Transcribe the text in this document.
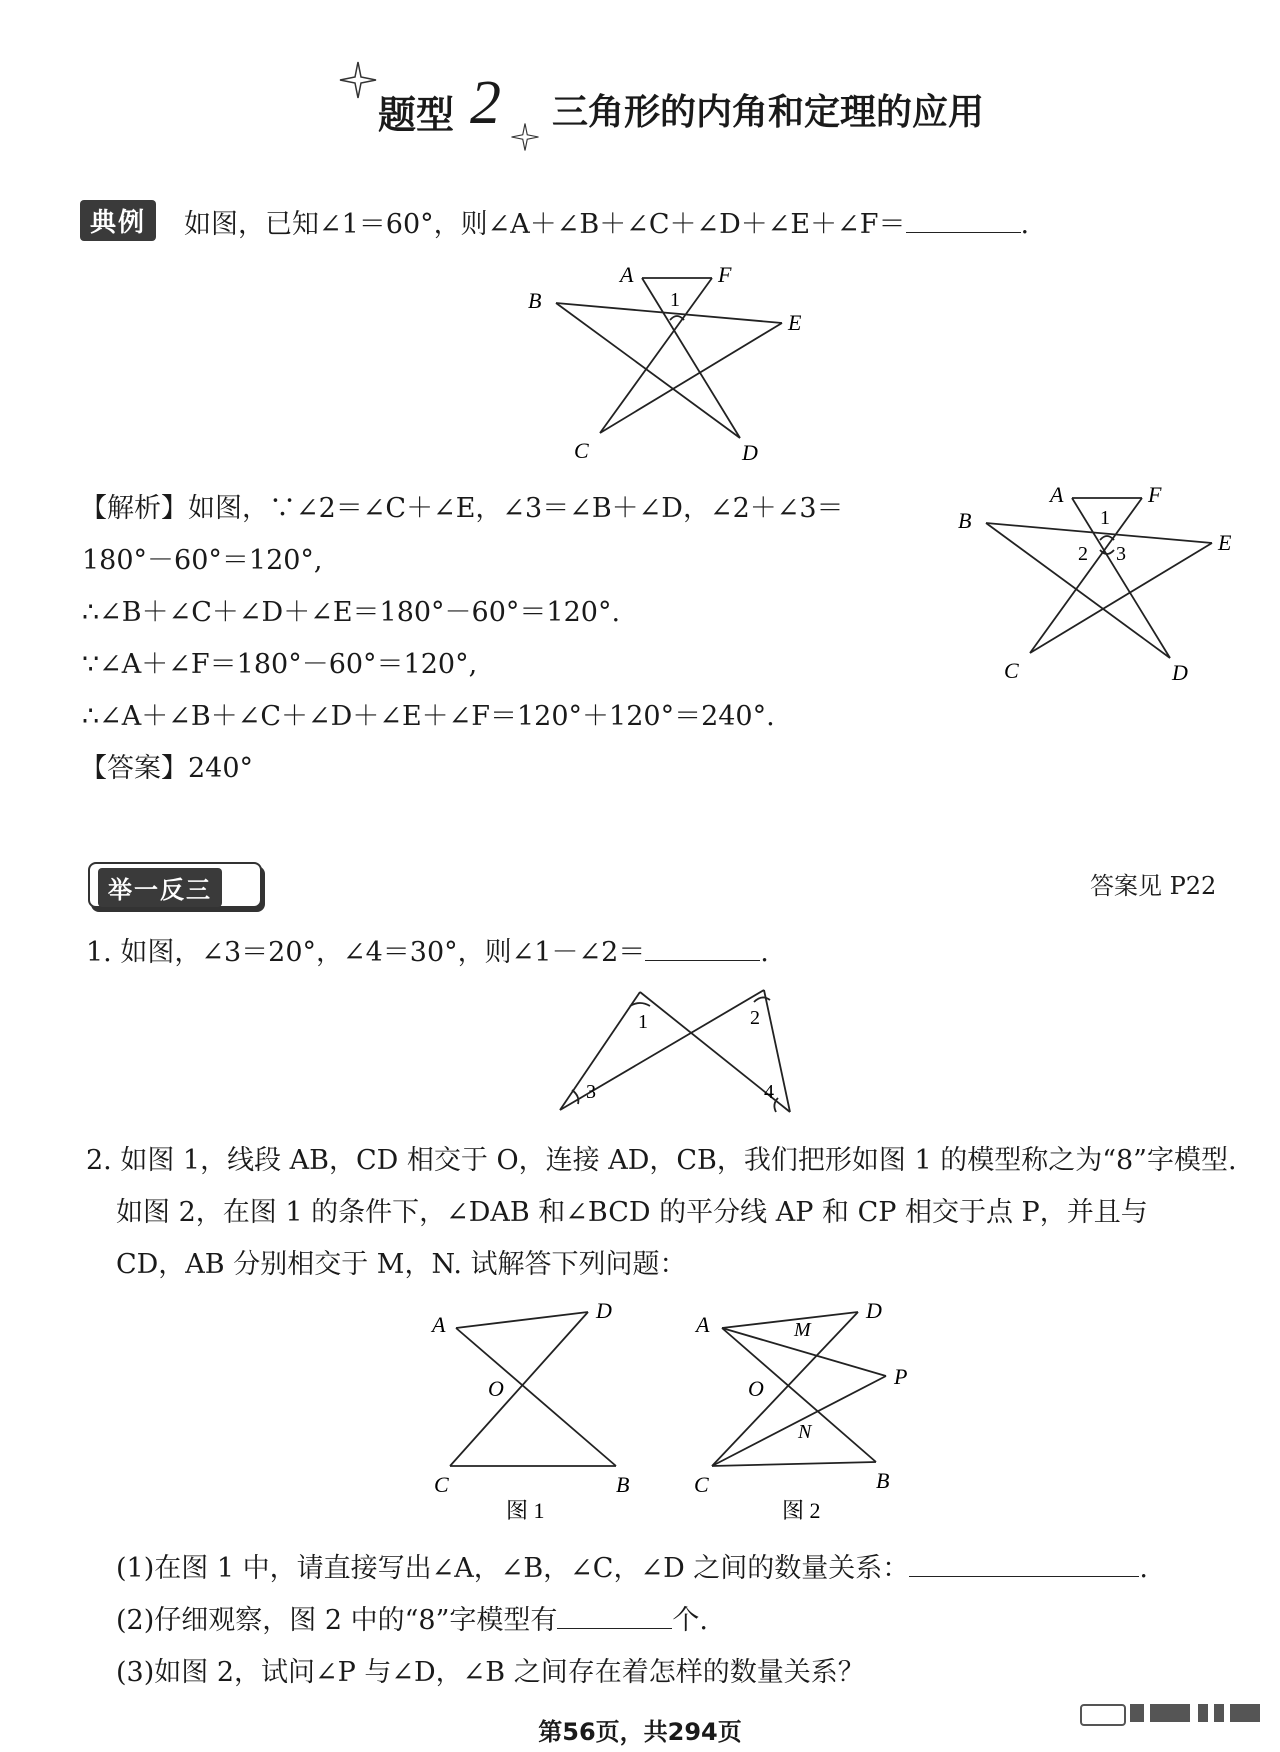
题型 2 三角形的内角和定理的应用
典例	如图，已知∠1＝60°，则∠A＋∠B＋∠C＋∠D＋∠E＋∠F＝	.
A	F
1
B
E
C	D
【解析】如图，∵∠2＝∠C＋∠E，∠3＝∠B＋∠D，∠2＋∠3＝
180°－60°＝120°,
∴∠B＋∠C＋∠D＋∠E＝180°－60°＝120°.
∵∠A＋∠F＝180°－60°＝120°,
∴∠A＋∠B＋∠C＋∠D＋∠E＋∠F＝120°＋120°＝240°.
【答案】240°
A	F
1
2 3
B
E
C	D
举一反三	答案见 P22
1. 如图，∠3＝20°，∠4＝30°，则∠1－∠2＝	.
1	2
3	4
2. 如图 1，线段 AB，CD 相交于 O，连接 AD，CB，我们把形如图 1 的模型称之为“8”字模型.
如图 2，在图 1 的条件下，∠DAB 和∠BCD 的平分线 AP 和 CP 相交于点 P，并且与
CD，AB 分别相交于 M，N. 试解答下列问题：
A
D
O
C	B
图 1
A
D
M
O	P
N
C	B
图 2
(1)在图 1 中，请直接写出∠A，∠B，∠C，∠D 之间的数量关系：	.
(2)仔细观察，图 2 中的“8”字模型有	个.
(3)如图 2，试问∠P 与∠D，∠B 之间存在着怎样的数量关系？
第56页，共294页
